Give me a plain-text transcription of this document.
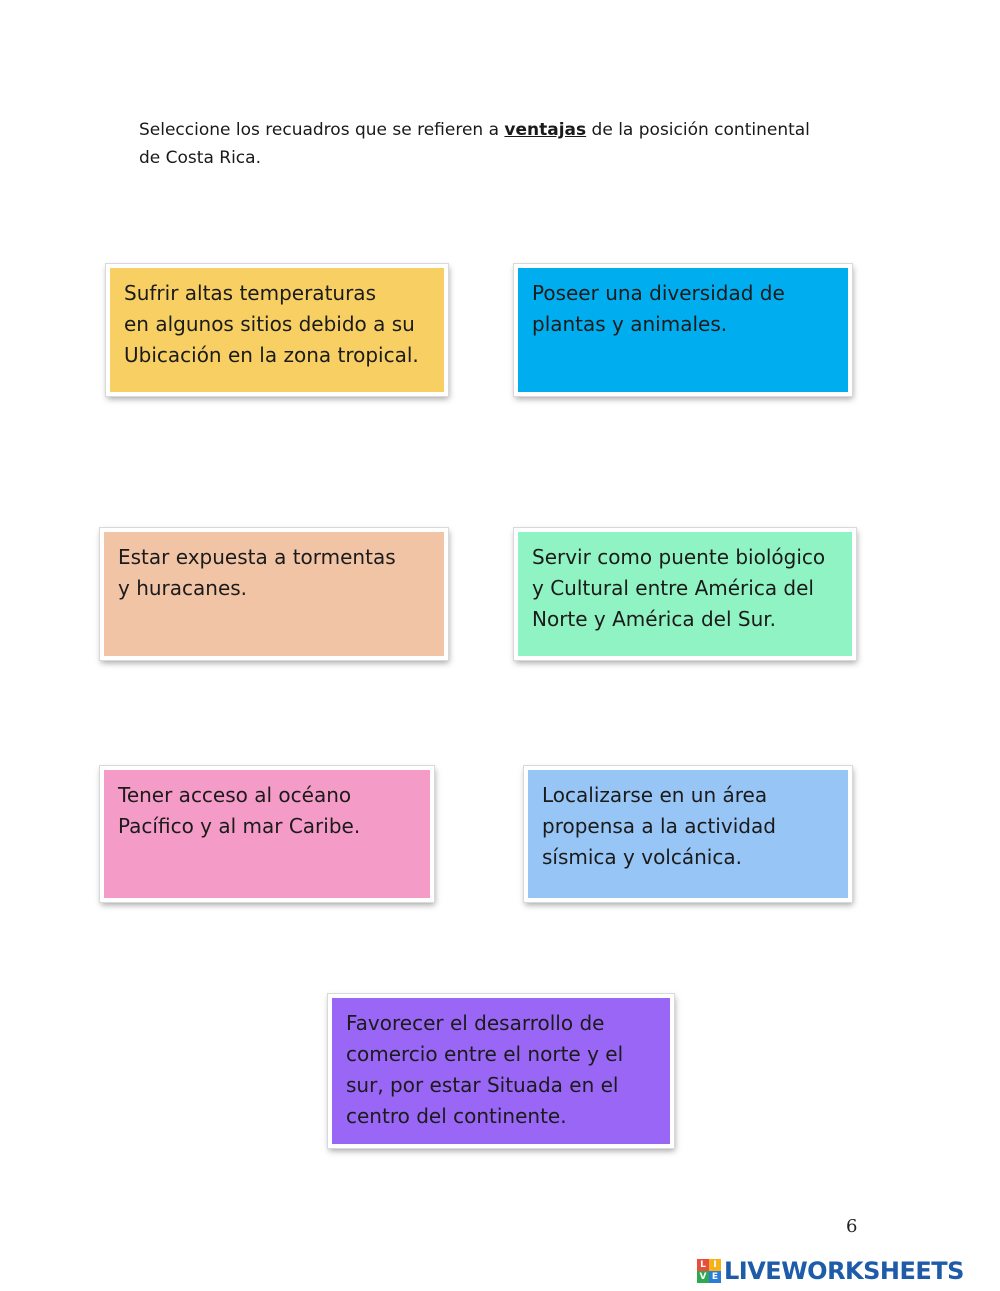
Seleccione los recuadros que se refieren a ventajas de la posición continental
de Costa Rica.
Sufrir altas temperaturas
en algunos sitios debido a su
Ubicación en la zona tropical.
Poseer una diversidad de
plantas y animales.
Estar expuesta a tormentas
y huracanes.
Servir como puente biológico
y Cultural entre América del
Norte y América del Sur.
Tener acceso al océano
Pacífico y al mar Caribe.
Localizarse en un área
propensa a la actividad
sísmica y volcánica.
Favorecer el desarrollo de
comercio entre el norte y el
sur, por estar Situada en el
centro del continente.
6
L I
V E LIVEWORKSHEETS
